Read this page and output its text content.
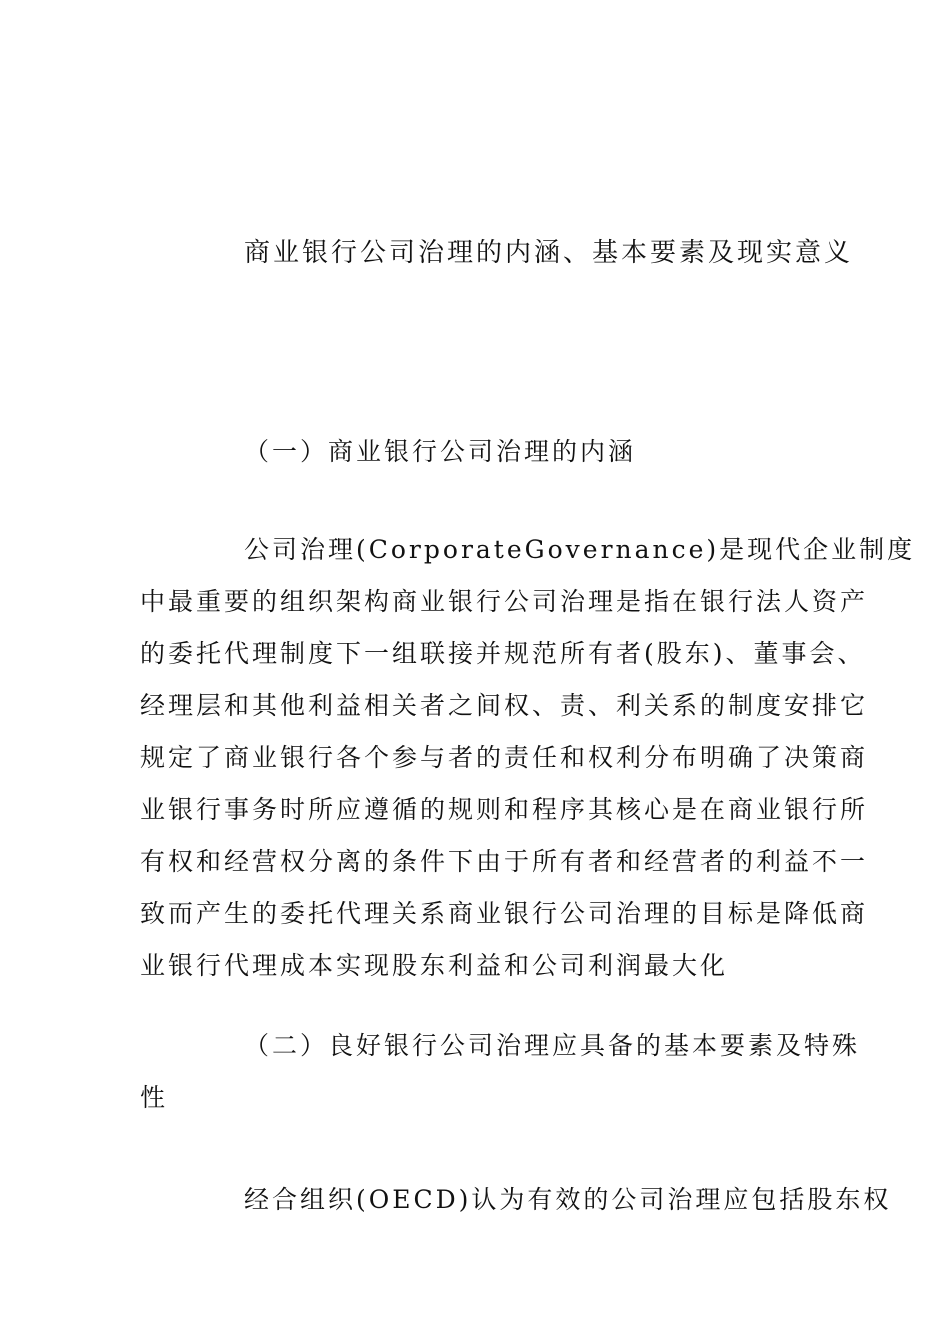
商业银行公司治理的内涵、基本要素及现实意义
（一）商业银行公司治理的内涵
公司治理(CorporateGovernance)是现代企业制度
中最重要的组织架构商业银行公司治理是指在银行法人资产
的委托代理制度下一组联接并规范所有者(股东)、董事会、
经理层和其他利益相关者之间权、责、利关系的制度安排它
规定了商业银行各个参与者的责任和权利分布明确了决策商
业银行事务时所应遵循的规则和程序其核心是在商业银行所
有权和经营权分离的条件下由于所有者和经营者的利益不一
致而产生的委托代理关系商业银行公司治理的目标是降低商
业银行代理成本实现股东利益和公司利润最大化
（二）良好银行公司治理应具备的基本要素及特殊
性
经合组织(OECD)认为有效的公司治理应包括股东权
